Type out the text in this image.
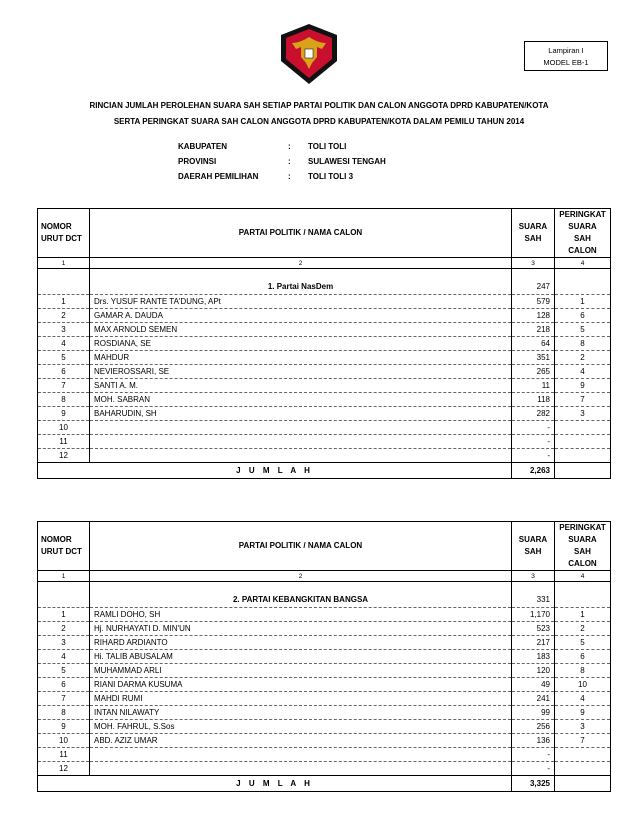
Lampiran I
MODEL EB-1
RINCIAN JUMLAH PEROLEHAN SUARA SAH SETIAP PARTAI POLITIK DAN CALON ANGGOTA DPRD KABUPATEN/KOTA
SERTA PERINGKAT SUARA SAH CALON ANGGOTA DPRD KABUPATEN/KOTA DALAM PEMILU TAHUN 2014
KABUPATEN	: TOLI TOLI
PROVINSI	: SULAWESI TENGAH
DAERAH PEMILIHAN	: TOLI TOLI 3
NOMOR URUT DCT	PARTAI POLITIK / NAMA CALON	SUARA SAH	PERINGKAT SUARA SAH CALON
1	2	3	4
	1. Partai NasDem	247	
1	Drs. YUSUF RANTE TA'DUNG, APt	579	1
2	GAMAR A. DAUDA	128	6
3	MAX ARNOLD SEMEN	218	5
4	ROSDIANA, SE	64	8
5	MAHDUR	351	2
6	NEVIEROSSARI, SE	265	4
7	SANTI A. M.	11	9
8	MOH. SABRAN	118	7
9	BAHARUDIN, SH	282	3
10		-	
11		-	
12		-	
J U M L A H		2,263	
NOMOR URUT DCT	PARTAI POLITIK / NAMA CALON	SUARA SAH	PERINGKAT SUARA SAH CALON
1	2	3	4
	2. PARTAI KEBANGKITAN BANGSA	331	
1	RAMLI DOHO, SH	1,170	1
2	Hj. NURHAYATI D. MIN'UN	523	2
3	RIHARD ARDIANTO	217	5
4	Hi. TALIB ABUSALAM	183	6
5	MUHAMMAD ARLI	120	8
6	RIANI DARMA KUSUMA	49	10
7	MAHDI RUMI	241	4
8	INTAN NILAWATY	99	9
9	MOH. FAHRUL, S.Sos	256	3
10	ABD. AZIZ UMAR	136	7
11		-	
12		-	
J U M L A H		3,325	
